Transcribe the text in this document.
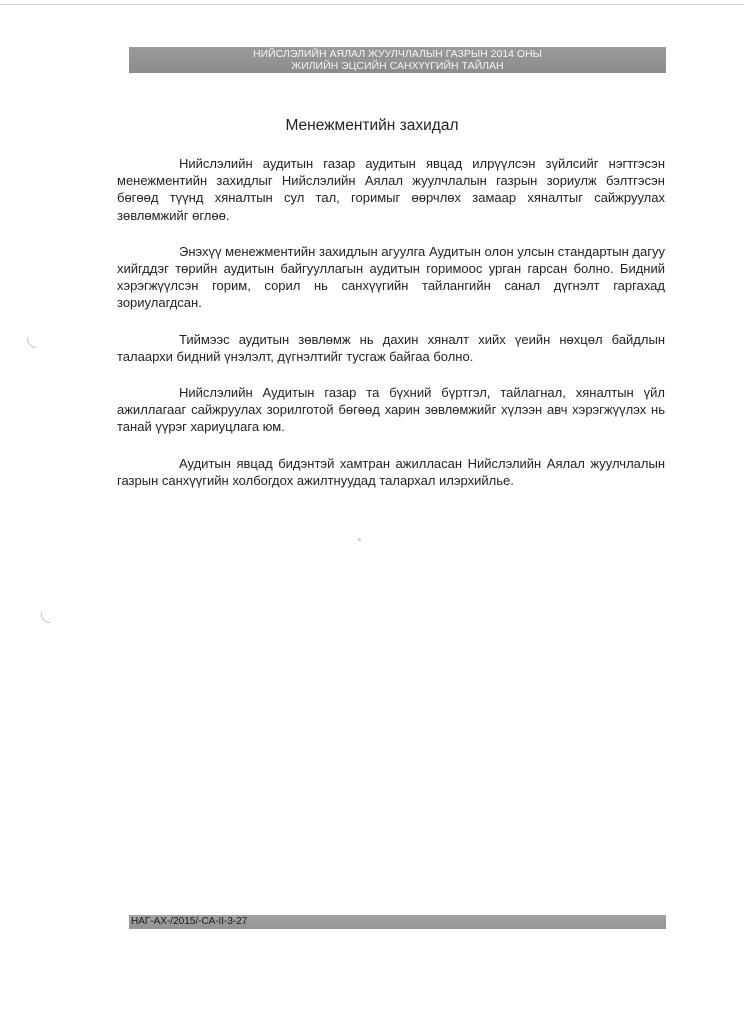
НИЙСЛЭЛИЙН АЯЛАЛ ЖУУЛЧЛАЛЫН ГАЗРЫН 2014 ОНЫ
ЖИЛИЙН ЭЦСИЙН САНХҮҮГИЙН ТАЙЛАН
Менежментийн захидал

Нийслэлийн аудитын газар аудитын явцад илрүүлсэн зүйлсийг нэгтгэсэн менежментийн захидлыг Нийслэлийн Аялал жуулчлалын газрын зориулж бэлтгэсэн бөгөөд түүнд хяналтын сул тал, горимыг өөрчлөх замаар хяналтыг сайжруулах зөвлөмжийг өглөө.

Энэхүү менежментийн захидлын агуулга Аудитын олон улсын стандартын дагуу хийгддэг төрийн аудитын байгууллагын аудитын горимоос урган гарсан болно. Бидний хэрэгжүүлсэн горим, сорил нь санхүүгийн тайлангийн санал дүгнэлт гаргахад зориулагдсан.

Тиймээс аудитын зөвлөмж нь дахин хяналт хийх үеийн нөхцөл байдлын талаархи бидний үнэлэлт, дүгнэлтийг тусгаж байгаа болно.

Нийслэлийн Аудитын газар та бүхний бүртгэл, тайлагнал, хяналтын үйл ажиллагааг сайжруулах зорилготой бөгөөд харин зөвлөмжийг хүлээн авч хэрэгжүүлэх нь танай үүрэг хариуцлага юм.

Аудитын явцад бидэнтэй хамтран ажилласан Нийслэлийн Аялал жуулчлалын газрын санхүүгийн холбогдох ажилтнуудад талархал илэрхийлье.

НАГ-АХ-/2015/-СА-II-3-27
